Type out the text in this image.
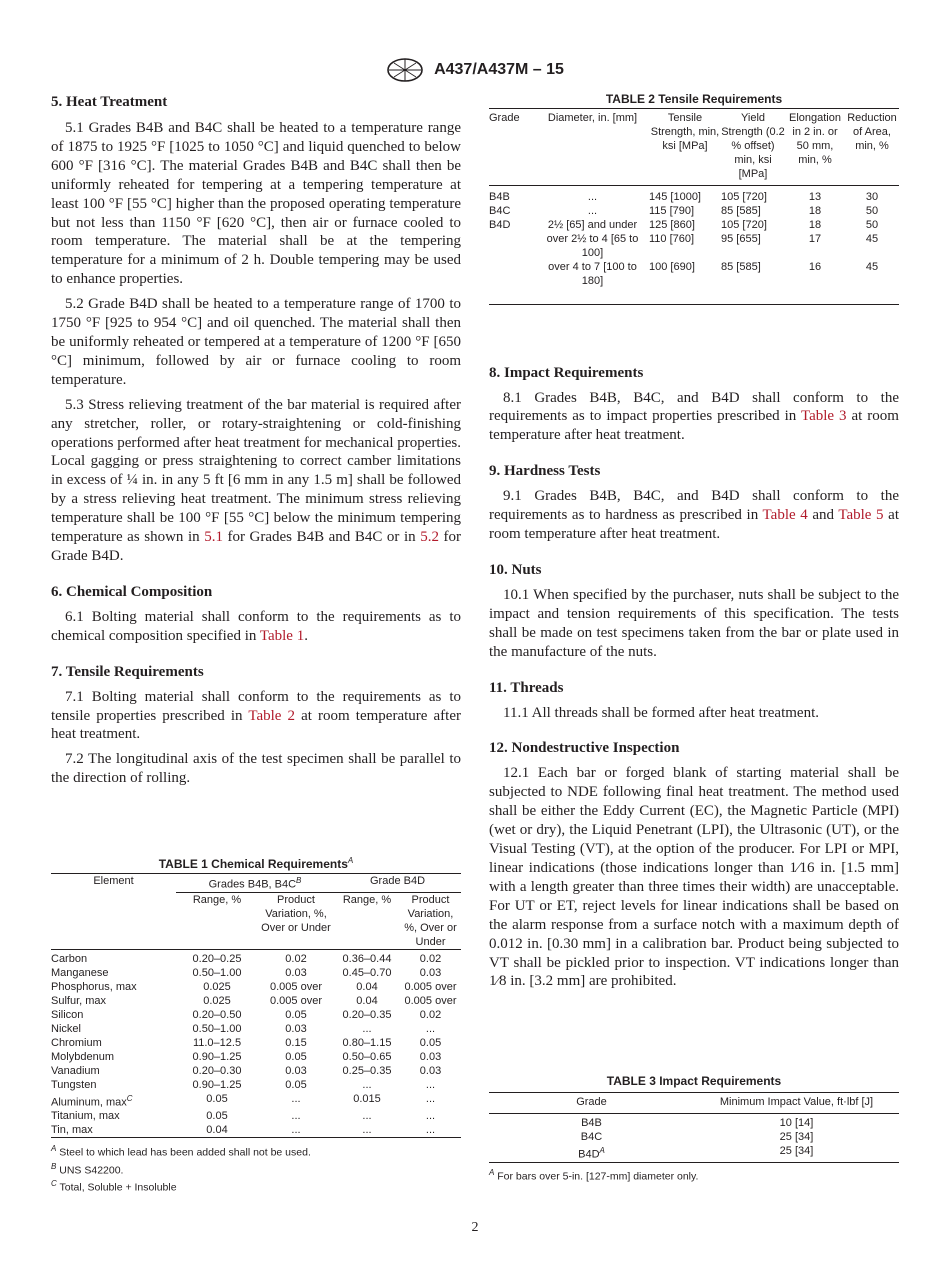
A437/A437M – 15
5. Heat Treatment

5.1 Grades B4B and B4C shall be heated to a temperature range of 1875 to 1925 °F [1025 to 1050 °C] and liquid quenched to below 600 °F [316 °C]. The material Grades B4B and B4C shall then be uniformly reheated for tempering at a tempering temperature at least 100 °F [55 °C] higher than the proposed operating temperature but not less than 1150 °F [620 °C], then air or furnace cooled to room temperature. The material shall be at the tempering temperature for a minimum of 2 h. Double tempering may be used to enhance properties.

5.2 Grade B4D shall be heated to a temperature range of 1700 to 1750 °F [925 to 954 °C] and oil quenched. The material shall then be uniformly reheated or tempered at a temperature of 1200 °F [650 °C] minimum, followed by air or furnace cooling to room temperature.

5.3 Stress relieving treatment of the bar material is required after any stretcher, roller, or rotary-straightening or cold-finishing operations performed after heat treatment for mechanical properties. Local gagging or press straightening to correct camber limitations in excess of ¼ in. in any 5 ft [6 mm in any 1.5 m] shall be followed by a stress relieving heat treatment. The minimum stress relieving temperature shall be 100 °F [55 °C] below the minimum tempering temperature as shown in 5.1 for Grades B4B and B4C or in 5.2 for Grade B4D.

6. Chemical Composition

6.1 Bolting material shall conform to the requirements as to chemical composition specified in Table 1.

7. Tensile Requirements

7.1 Bolting material shall conform to the requirements as to tensile properties prescribed in Table 2 at room temperature after heat treatment.

7.2 The longitudinal axis of the test specimen shall be parallel to the direction of rolling.

TABLE 1 Chemical Requirements$^A$
Element	Grades B4B, $B4C^B$		Grade B4D	
	Range, %	Product Variation, %, Over or Under	Range, %	Product Variation, %, Over or Under
Carbon	0.20–0.25	0.02	0.36–0.44	0.02
Manganese	0.50–1.00	0.03	0.45–0.70	0.03
Phosphorus, max	0.025	0.005 over	0.04	0.005 over
Sulfur, max	0.025	0.005 over	0.04	0.005 over
Silicon	0.20–0.50	0.05	0.20–0.35	0.02
Nickel	0.50–1.00	0.03	...	...
Chromium	11.0–12.5	0.15	0.80–1.15	0.05
Molybdenum	0.90–1.25	0.05	0.50–0.65	0.03
Vanadium	0.20–0.30	0.03	0.25–0.35	0.03
Tungsten	0.90–1.25	0.05	...	...
Aluminum, $\max^C$	0.05	...	0.015	...
Titanium, max	0.05	...	...	...
Tin, max	0.04	...	...	...
$^A$ Steel to which lead has been added shall not be used.
$^B$ UNS S42200.
$^C$ Total, Soluble + Insoluble
TABLE 2 Tensile Requirements
Grade	Diameter, in. [mm]	Tensile Strength, min, ksi [MPa]	Yield Strength (0.2 % offset) min, ksi [MPa]	Elongation in 2 in. or 50 mm, min, %	Reduction of Area, min, %
B4B	...	145 [1000]	105 [720]	13	30
B4C	...	115 [790]	85 [585]	18	50
B4D	2½ [65] and under	125 [860]	105 [720]	18	50
	over 2½ to 4 [65 to 100]	110 [760]	95 [655]	17	45
	over 4 to 7 [100 to 180]	100 [690]	85 [585]	16	45

8. Impact Requirements

8.1 Grades B4B, B4C, and B4D shall conform to the requirements as to impact properties prescribed in Table 3 at room temperature after heat treatment.

9. Hardness Tests

9.1 Grades B4B, B4C, and B4D shall conform to the requirements as to hardness as prescribed in Table 4 and Table 5 at room temperature after heat treatment.

10. Nuts

10.1 When specified by the purchaser, nuts shall be subject to the impact and tension requirements of this specification. The tests shall be made on test specimens taken from the bar or plate used in the manufacture of the nuts.

11. Threads

11.1 All threads shall be formed after heat treatment.

12. Nondestructive Inspection

12.1 Each bar or forged blank of starting material shall be subjected to NDE following final heat treatment. The method used shall be either the Eddy Current (EC), the Magnetic Particle (MPI) (wet or dry), the Liquid Penetrant (LPI), the Ultrasonic (UT), or the Visual Testing (VT), at the option of the producer. For LPI or MPI, linear indications (those indications longer than 1⁄16 in. [1.5 mm] with a length greater than three times their width) are unacceptable. For UT or ET, reject levels for linear indications shall be based on the alarm response from a surface notch with a maximum depth of 0.012 in. [0.30 mm] in a calibration bar. Product being subjected to VT shall be pickled prior to inspection. VT indications longer than 1⁄8 in. [3.2 mm] are prohibited.

TABLE 3 Impact Requirements
Grade	Minimum Impact Value, ft·lbf [J]
B4B	10 [14]
B4C	25 [34]
$B4D^A$	25 [34]
$^A$ For bars over 5-in. [127-mm] diameter only.
2
